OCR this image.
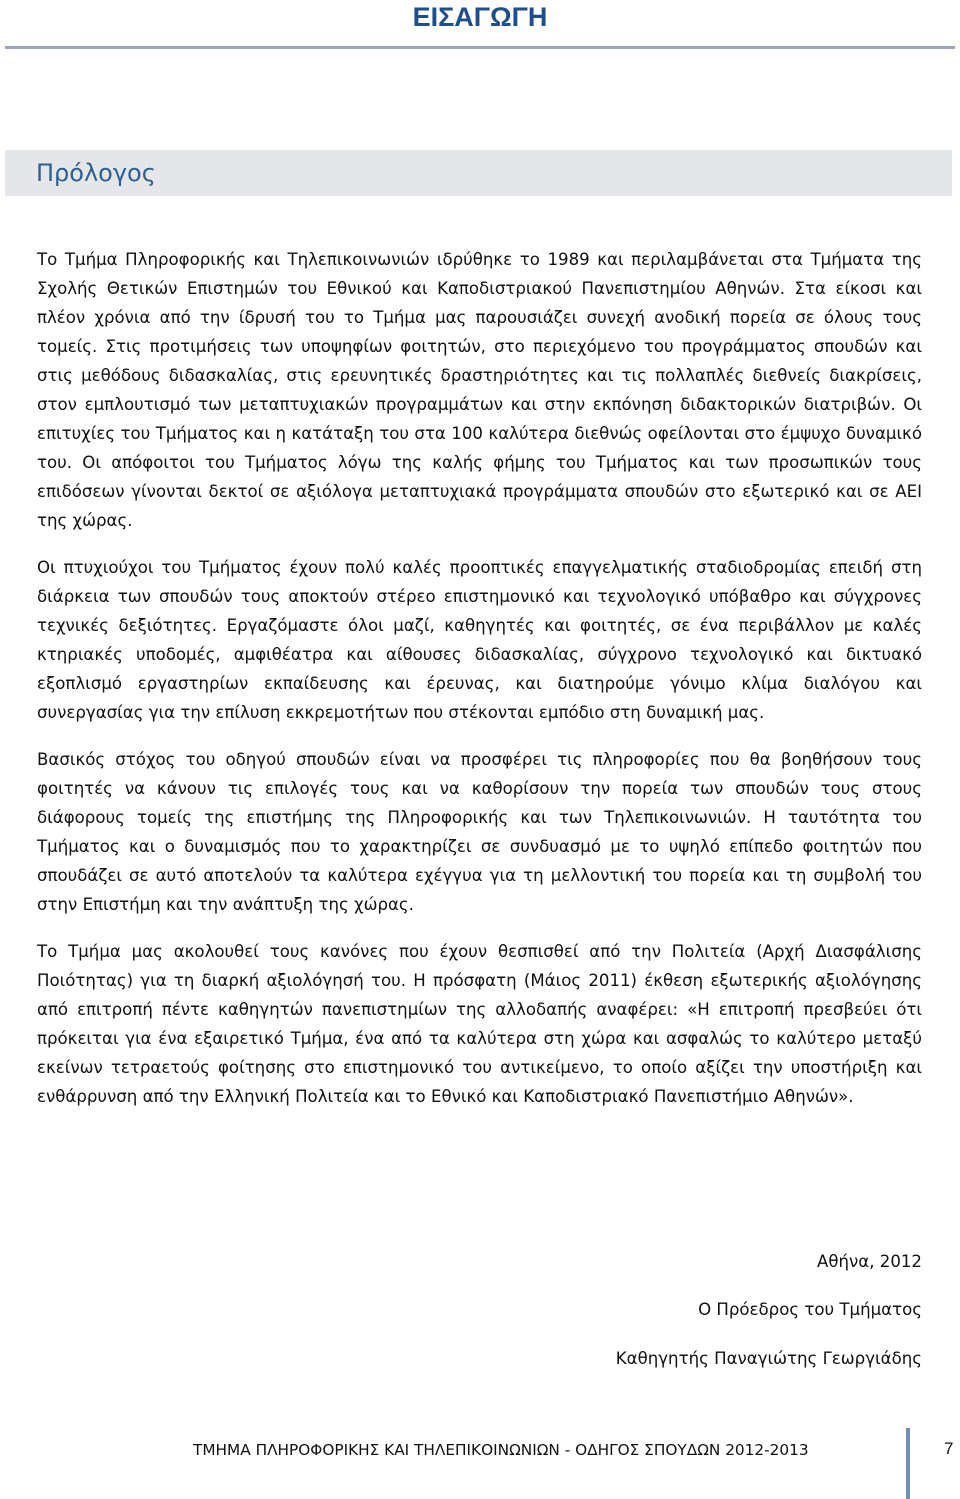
ΕΙΣΑΓΩΓΗ
Πρόλογος

Το Τμήμα Πληροφορικής και Τηλεπικοινωνιών ιδρύθηκε το 1989 και περιλαμβάνεται στα Τμήματα της Σχολής Θετικών Επιστημών του Εθνικού και Καποδιστριακού Πανεπιστημίου Αθηνών. Στα είκοσι και πλέον χρόνια από την ίδρυσή του το Τμήμα μας παρουσιάζει συνεχή ανοδική πορεία σε όλους τους τομείς. Στις προτιμήσεις των υποψηφίων φοιτητών, στο περιεχόμενο του προγράμματος σπουδών και στις μεθόδους διδασκαλίας, στις ερευνητικές δραστηριότητες και τις πολλαπλές διεθνείς διακρίσεις, στον εμπλουτισμό των μεταπτυχιακών προγραμμάτων και στην εκπόνηση διδακτορικών διατριβών. Οι επιτυχίες του Τμήματος και η κατάταξη του στα 100 καλύτερα διεθνώς οφείλονται στο έμψυχο δυναμικό του. Οι απόφοιτοι του Τμήματος λόγω της καλής φήμης του Τμήματος και των προσωπικών τους επιδόσεων γίνονται δεκτοί σε αξιόλογα μεταπτυχιακά προγράμματα σπουδών στο εξωτερικό και σε ΑΕΙ της χώρας.

Οι πτυχιούχοι του Τμήματος έχουν πολύ καλές προοπτικές επαγγελματικής σταδιοδρομίας επειδή στη διάρκεια των σπουδών τους αποκτούν στέρεο επιστημονικό και τεχνολογικό υπόβαθρο και σύγχρονες τεχνικές δεξιότητες. Εργαζόμαστε όλοι μαζί, καθηγητές και φοιτητές, σε ένα περιβάλλον με καλές κτηριακές υποδομές, αμφιθέατρα και αίθουσες διδασκαλίας, σύγχρονο τεχνολογικό και δικτυακό εξοπλισμό εργαστηρίων εκπαίδευσης και έρευνας, και διατηρούμε γόνιμο κλίμα διαλόγου και συνεργασίας για την επίλυση εκκρεμοτήτων που στέκονται εμπόδιο στη δυναμική μας.

Βασικός στόχος του οδηγού σπουδών είναι να προσφέρει τις πληροφορίες που θα βοηθήσουν τους φοιτητές να κάνουν τις επιλογές τους και να καθορίσουν την πορεία των σπουδών τους στους διάφορους τομείς της επιστήμης της Πληροφορικής και των Τηλεπικοινωνιών. Η ταυτότητα του Τμήματος και ο δυναμισμός που το χαρακτηρίζει σε συνδυασμό με το υψηλό επίπεδο φοιτητών που σπουδάζει σε αυτό αποτελούν τα καλύτερα εχέγγυα για τη μελλοντική του πορεία και τη συμβολή του στην Επιστήμη και την ανάπτυξη της χώρας.

Το Τμήμα μας ακολουθεί τους κανόνες που έχουν θεσπισθεί από την Πολιτεία (Αρχή Διασφάλισης Ποιότητας) για τη διαρκή αξιολόγησή του. Η πρόσφατη (Μάιος 2011) έκθεση εξωτερικής αξιολόγησης από επιτροπή πέντε καθηγητών πανεπιστημίων της αλλοδαπής αναφέρει: «Η επιτροπή πρεσβεύει ότι πρόκειται για ένα εξαιρετικό Τμήμα, ένα από τα καλύτερα στη χώρα και ασφαλώς το καλύτερο μεταξύ εκείνων τετραετούς φοίτησης στο επιστημονικό του αντικείμενο, το οποίο αξίζει την υποστήριξη και ενθάρρυνση από την Ελληνική Πολιτεία και το Εθνικό και Καποδιστριακό Πανεπιστήμιο Αθηνών».

Αθήνα, 2012
Ο Πρόεδρος του Τμήματος
Καθηγητής Παναγιώτης Γεωργιάδης
ΤΜΗΜΑ ΠΛΗΡΟΦΟΡΙΚΗΣ ΚΑΙ ΤΗΛΕΠΙΚΟΙΝΩΝΙΩΝ - ΟΔΗΓΟΣ ΣΠΟΥΔΩΝ 2012-2013	7
